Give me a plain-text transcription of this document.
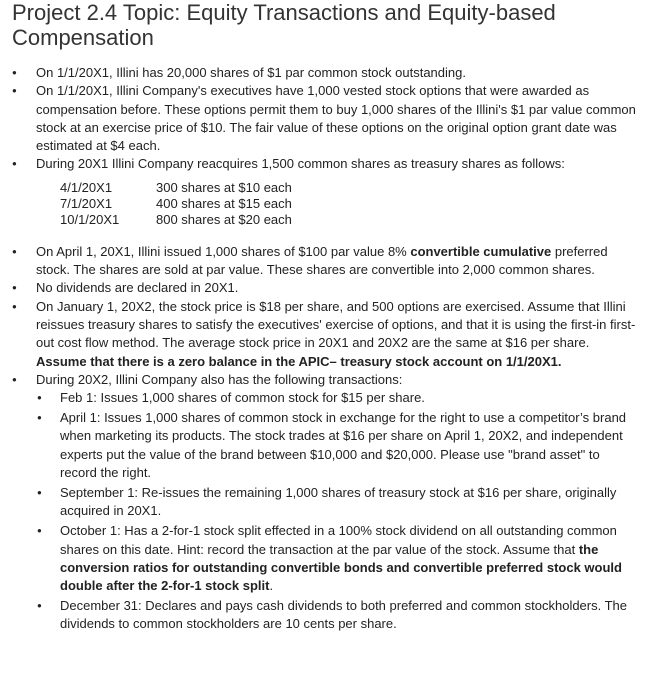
Project 2.4 Topic: Equity Transactions and Equity-based Compensation
● On 1/1/20X1, Illini has 20,000 shares of $1 par common stock outstanding.
● On 1/1/20X1, Illini Company's executives have 1,000 vested stock options that were awarded as compensation before. These options permit them to buy 1,000 shares of the Illini's $1 par value common stock at an exercise price of $10. The fair value of these options on the original option grant date was estimated at $4 each.
● During 20X1 Illini Company reacquires 1,500 common shares as treasury shares as follows:
4/1/20X1	300 shares at $10 each
7/1/20X1	400 shares at $15 each
10/1/20X1	800 shares at $20 each
● On April 1, 20X1, Illini issued 1,000 shares of $100 par value 8% convertible cumulative preferred stock. The shares are sold at par value. These shares are convertible into 2,000 common shares.
● No dividends are declared in 20X1.
● On January 1, 20X2, the stock price is $18 per share, and 500 options are exercised. Assume that Illini reissues treasury shares to satisfy the executives' exercise of options, and that it is using the first-in first-out cost flow method. The average stock price in 20X1 and 20X2 are the same at $16 per share. Assume that there is a zero balance in the APIC– treasury stock account on 1/1/20X1.
● During 20X2, Illini Company also has the following transactions:
● Feb 1: Issues 1,000 shares of common stock for $15 per share.
● April 1: Issues 1,000 shares of common stock in exchange for the right to use a competitor’s brand when marketing its products. The stock trades at $16 per share on April 1, 20X2, and independent experts put the value of the brand between $10,000 and $20,000. Please use "brand asset" to record the right.
● September 1: Re-issues the remaining 1,000 shares of treasury stock at $16 per share, originally acquired in 20X1.
● October 1: Has a 2-for-1 stock split effected in a 100% stock dividend on all outstanding common shares on this date. Hint: record the transaction at the par value of the stock. Assume that the conversion ratios for outstanding convertible bonds and convertible preferred stock would double after the 2-for-1 stock split.
● December 31: Declares and pays cash dividends to both preferred and common stockholders. The dividends to common stockholders are 10 cents per share.
